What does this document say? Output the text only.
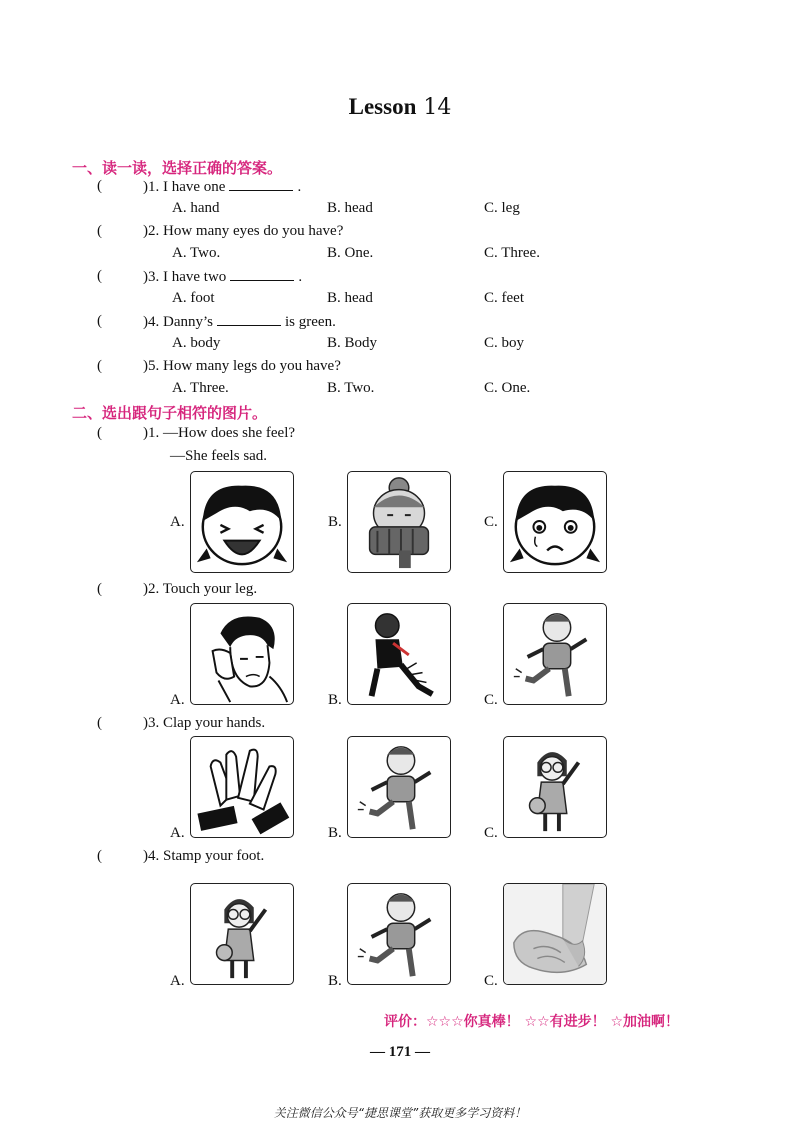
Lesson 14
一、读一读，选择正确的答案。
(	)1. I have one	.
A. hand	B. head	C. leg
(	)2. How many eyes do you have?
A. Two.	B. One.	C. Three.
(	)3. I have two	.
A. foot	B. head	C. feet
(	)4. Danny’s	is green.
A. body	B. Body	C. boy
(	)5. How many legs do you have?
A. Three.	B. Two.	C. One.
二、选出跟句子相符的图片。
(	)1. —How does she feel?
—She feels sad.
A.	B.	C.
(	)2. Touch your leg.
A.	B.	C.
(	)3. Clap your hands.
A.	B.	C.
(	)4. Stamp your foot.
A.	B.	C.
评价：☆☆☆你真棒！ ☆☆有进步！ ☆加油啊！
— 171 —
关注微信公众号“捷思课堂”获取更多学习资料！
